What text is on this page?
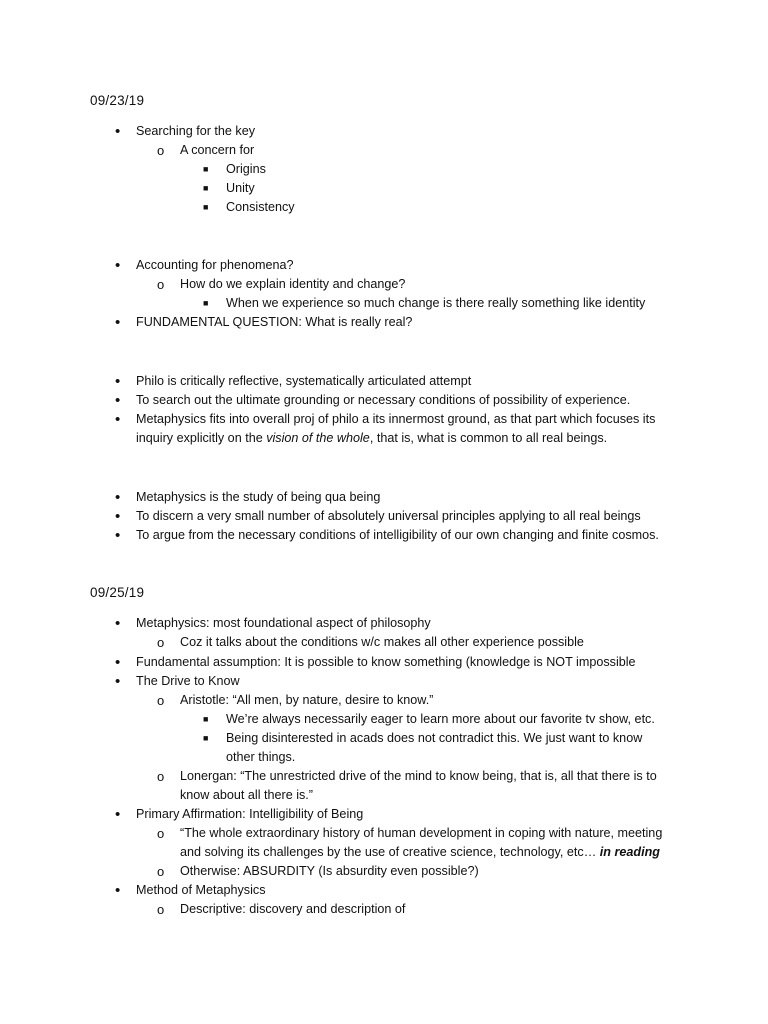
09/23/19
• Searching for the key
o A concern for
■ Origins
■ Unity
■ Consistency
• Accounting for phenomena?
o How do we explain identity and change?
■ When we experience so much change is there really something like identity
• FUNDAMENTAL QUESTION: What is really real?
• Philo is critically reflective, systematically articulated attempt
• To search out the ultimate grounding or necessary conditions of possibility of experience.
• Metaphysics fits into overall proj of philo a its innermost ground, as that part which focuses its
inquiry explicitly on the vision of the whole, that is, what is common to all real beings.
• Metaphysics is the study of being qua being
• To discern a very small number of absolutely universal principles applying to all real beings
• To argue from the necessary conditions of intelligibility of our own changing and finite cosmos.
09/25/19
• Metaphysics: most foundational aspect of philosophy
o Coz it talks about the conditions w/c makes all other experience possible
• Fundamental assumption: It is possible to know something (knowledge is NOT impossible
• The Drive to Know
o Aristotle: “All men, by nature, desire to know.”
■ We’re always necessarily eager to learn more about our favorite tv show, etc.
■ Being disinterested in acads does not contradict this. We just want to know
other things.
o Lonergan: “The unrestricted drive of the mind to know being, that is, all that there is to
know about all there is.”
• Primary Affirmation: Intelligibility of Being
o “The whole extraordinary history of human development in coping with nature, meeting
and solving its challenges by the use of creative science, technology, etc… in reading
o Otherwise: ABSURDITY (Is absurdity even possible?)
• Method of Metaphysics
o Descriptive: discovery and description of
